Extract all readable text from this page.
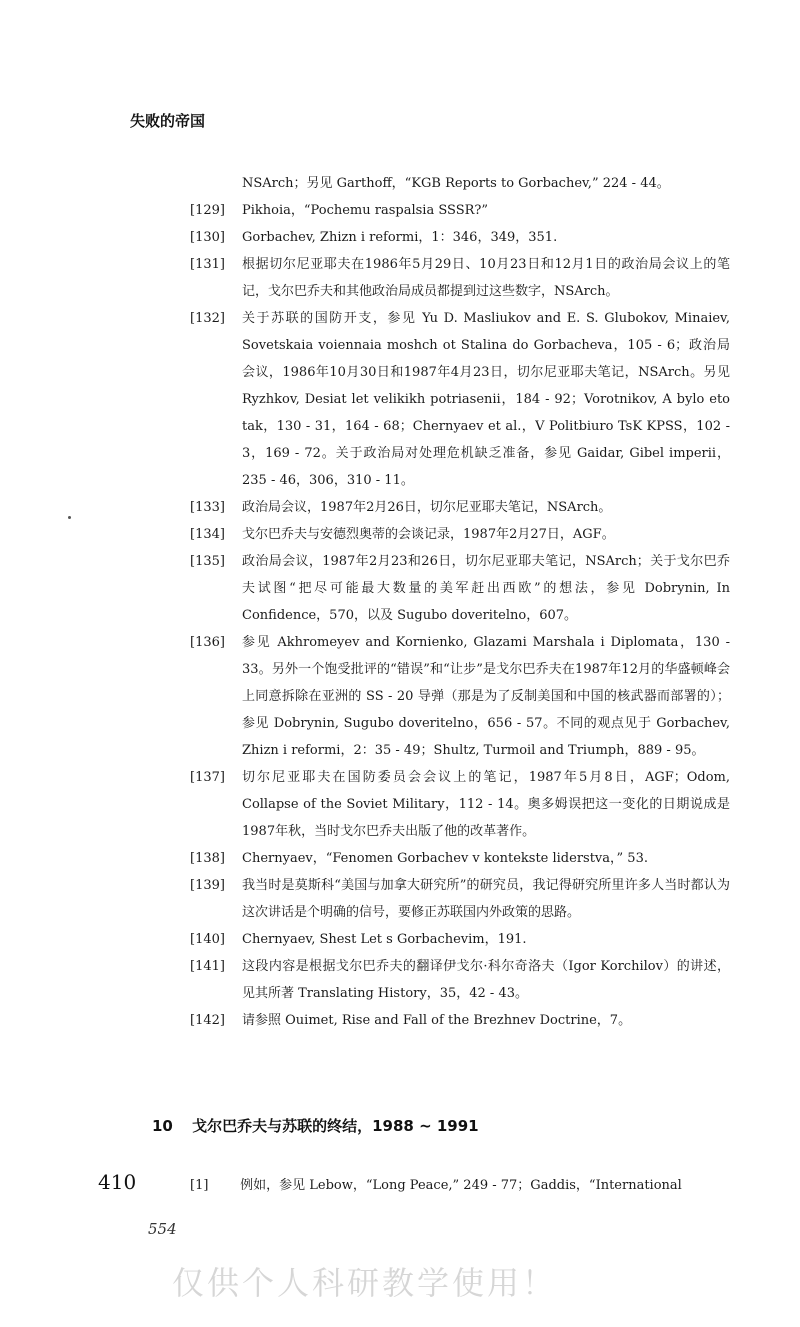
失败的帝国

NSArch；另见 Garthoff，“KGB Reports to Gorbachev,” 224 - 44。

[129]	Pikhoia，“Pochemu raspalsia SSSR?”

[130]	Gorbachev, Zhizn i reformi，1：346，349，351.

[131]	根据切尔尼亚耶夫在1986年5月29日、10月23日和12月1日的政治局会议上的笔记，戈尔巴乔夫和其他政治局成员都提到过这些数字，NSArch。

[132]	关于苏联的国防开支，参见 Yu D. Masliukov and E. S. Glubokov, Minaiev, Sovetskaia voiennaia moshch ot Stalina do Gorbacheva，105 - 6；政治局会议，1986年10月30日和1987年4月23日，切尔尼亚耶夫笔记，NSArch。另见 Ryzhkov, Desiat let velikikh potriasenii，184 - 92；Vorotnikov, A bylo eto tak，130 - 31，164 - 68；Chernyaev et al.，V Politbiuro TsK KPSS，102 - 3，169 - 72。关于政治局对处理危机缺乏准备，参见 Gaidar, Gibel imperii，235 - 46，306，310 - 11。

[133]	政治局会议，1987年2月26日，切尔尼亚耶夫笔记，NSArch。

[134]	戈尔巴乔夫与安德烈奥蒂的会谈记录，1987年2月27日，AGF。

[135]	政治局会议，1987年2月23和26日，切尔尼亚耶夫笔记，NSArch；关于戈尔巴乔夫试图“把尽可能最大数量的美军赶出西欧”的想法，参见 Dobrynin, In Confidence，570，以及 Sugubo doveritelno，607。

[136]	参见 Akhromeyev and Kornienko, Glazami Marshala i Diplomata，130 - 33。另外一个饱受批评的“错误”和“让步”是戈尔巴乔夫在1987年12月的华盛顿峰会上同意拆除在亚洲的 SS - 20 导弹（那是为了反制美国和中国的核武器而部署的）；参见 Dobrynin, Sugubo doveritelno，656 - 57。不同的观点见于 Gorbachev, Zhizn i reformi，2：35 - 49；Shultz, Turmoil and Triumph，889 - 95。

[137]	切尔尼亚耶夫在国防委员会会议上的笔记，1987年5月8日，AGF；Odom, Collapse of the Soviet Military，112 - 14。奥多姆误把这一变化的日期说成是1987年秋，当时戈尔巴乔夫出版了他的改革著作。

[138]	Chernyaev，“Fenomen Gorbachev v kontekste liderstva，” 53.

[139]	我当时是莫斯科“美国与加拿大研究所”的研究员，我记得研究所里许多人当时都认为这次讲话是个明确的信号，要修正苏联国内外政策的思路。

[140]	Chernyaev, Shest Let s Gorbachevim，191.

[141]	这段内容是根据戈尔巴乔夫的翻译伊戈尔·科尔奇洛夫（Igor Korchilov）的讲述，见其所著 Translating History，35，42 - 43。

[142]	请参照 Ouimet, Rise and Fall of the Brezhnev Doctrine，7。

10 戈尔巴乔夫与苏联的终结，1988 ~ 1991
410	[1] 例如，参见 Lebow，“Long Peace,” 249 - 77；Gaddis，“International
554
仅供个人科研教学使用！
